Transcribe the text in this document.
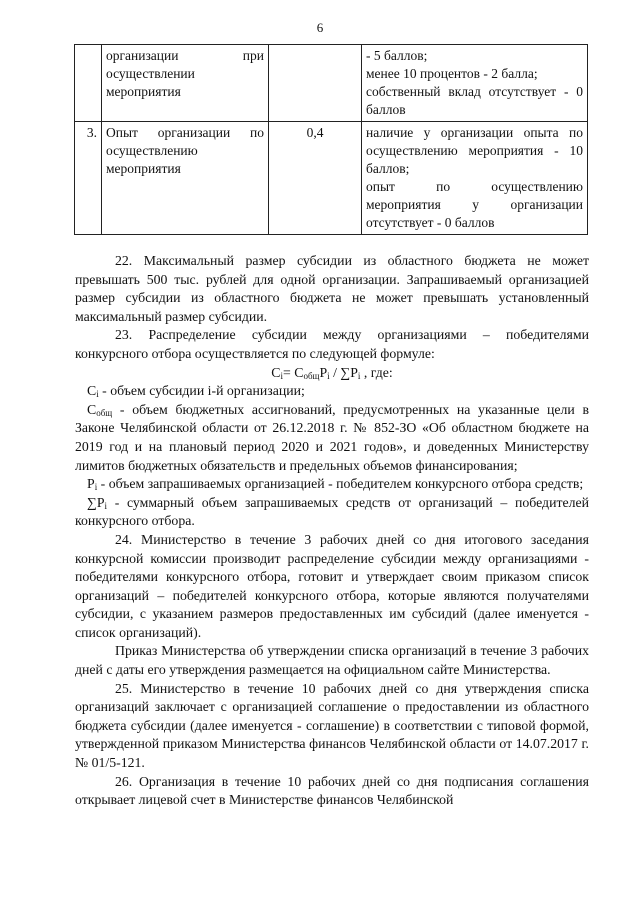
6
	организации при осуществлении мероприятия		- 5 баллов;
менее 10 процентов - 2 балла;
собственный вклад отсутствует - 0 баллов

3.	Опыт организации по осуществлению мероприятия	0,4	наличие у организации опыта по осуществлению мероприятия - 10 баллов;
опыт по осуществлению мероприятия у организации отсутствует - 0 баллов

22. Максимальный размер субсидии из областного бюджета не может превышать 500 тыс. рублей для одной организации. Запрашиваемый организацией размер субсидии из областного бюджета не может превышать установленный максимальный размер субсидии.

23. Распределение субсидии между организациями – победителями конкурсного отбора осуществляется по следующей формуле:

$C_i= C_{общ}P_i / \sum P_i$ , где:

$C_i$ - объем субсидии i-й организации;

$C_{общ}$ - объем бюджетных ассигнований, предусмотренных на указанные цели в Законе Челябинской области от 26.12.2018 г. № 852-ЗО «Об областном бюджете на 2019 год и на плановый период 2020 и 2021 годов», и доведенных Министерству лимитов бюджетных обязательств и предельных объемов финансирования;

$P_i$ - объем запрашиваемых организацией - победителем конкурсного отбора средств;

$\sum P_i$ - суммарный объем запрашиваемых средств от организаций – победителей конкурсного отбора.

24. Министерство в течение 3 рабочих дней со дня итогового заседания конкурсной комиссии производит распределение субсидии между организациями - победителями конкурсного отбора, готовит и утверждает своим приказом список организаций – победителей конкурсного отбора, которые являются получателями субсидии, с указанием размеров предоставленных им субсидий (далее именуется - список организаций).

Приказ Министерства об утверждении списка организаций в течение 3 рабочих дней с даты его утверждения размещается на официальном сайте Министерства.

25. Министерство в течение 10 рабочих дней со дня утверждения списка организаций заключает с организацией соглашение о предоставлении из областного бюджета субсидии (далее именуется - соглашение) в соответствии с типовой формой, утвержденной приказом Министерства финансов Челябинской области от 14.07.2017 г. № 01/5-121.

26. Организация в течение 10 рабочих дней со дня подписания соглашения открывает лицевой счет в Министерстве финансов Челябинской
